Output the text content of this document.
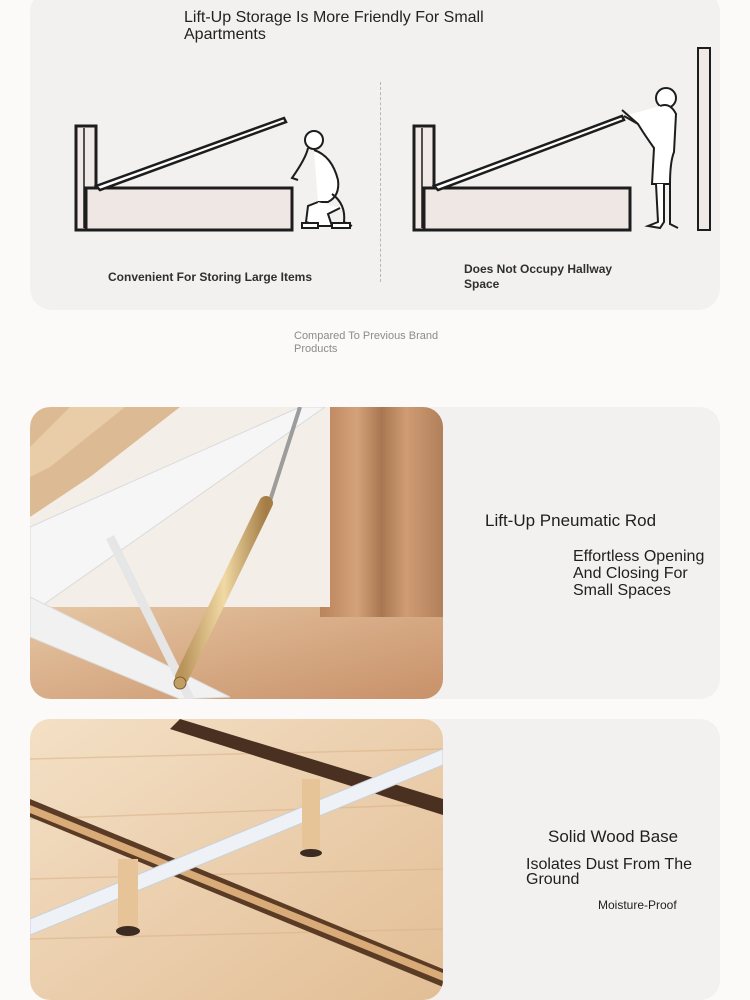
Lift-Up Storage Is More Friendly For Small Apartments
Convenient For Storing Large Items
Does Not Occupy Hallway Space
Compared To Previous Brand Products
Lift-Up Pneumatic Rod
Effortless Opening And Closing For Small Spaces
Solid Wood Base
Isolates Dust From The Ground
Moisture-Proof
